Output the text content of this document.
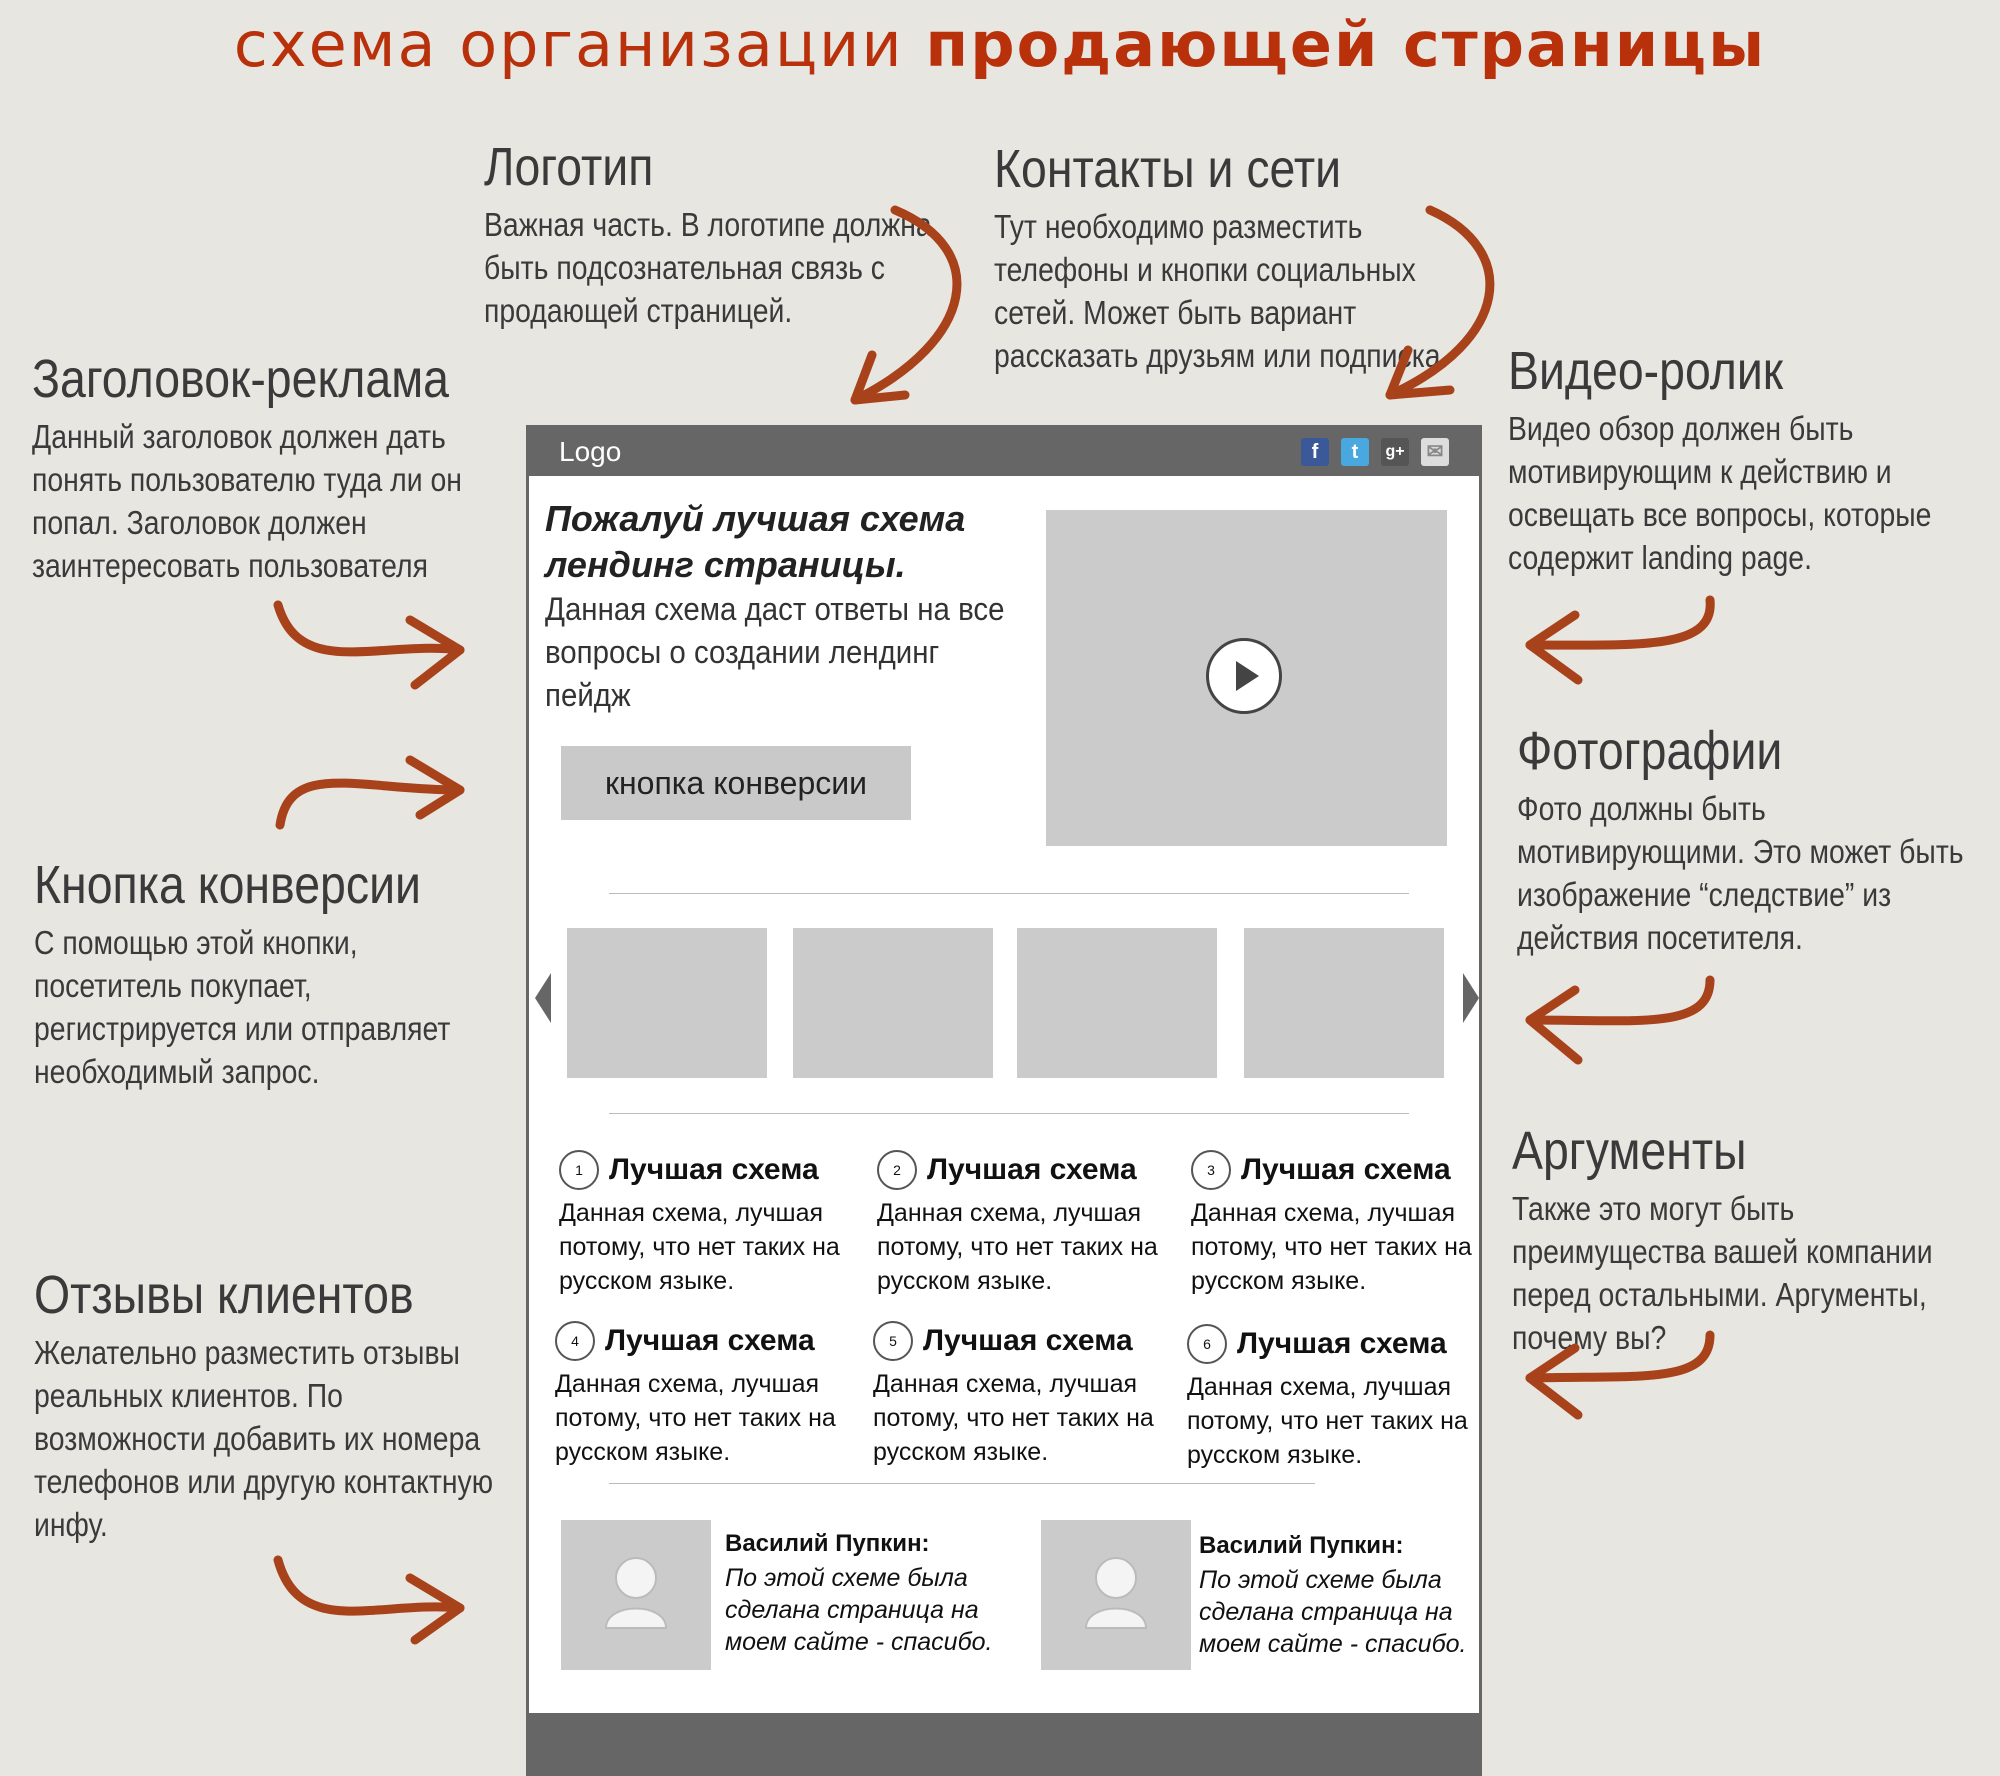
схема организации продающей страницы
Логотип

Важная часть. В логотипе должна быть подсознательная связь с продающей страницей.

Контакты и сети

Тут необходимо разместить телефоны и кнопки социальных сетей. Может быть вариант рассказать друзьям или подписка.

Заголовок-реклама

Данный заголовок должен дать понять пользователю туда ли он попал. Заголовок должен заинтересовать пользователя

Видео-ролик

Видео обзор должен быть мотивирующим к действию и освещать все вопросы, которые содержит landing page.

Фотографии

Фото должны быть мотивирующими. Это может быть изображение “следствие” из действия посетителя.

Кнопка конверсии

С помощью этой кнопки, посетитель покупает, регистрируется или отправляет необходимый запрос.

Аргументы

Также это могут быть преимущества вашей компании перед остальными. Аргументы, почему вы?

Отзывы клиентов

Желательно разместить отзывы реальных клиентов. По возможности добавить их номера телефонов или другую контактную инфу.

Logo	f	t	g+ ✉
Пожалуй лучшая схема лендинг страницы.
Данная схема даст ответы на все вопросы о создании лендинг пейдж
кнопка конверсии
1 Лучшая схема
Данная схема, лучшая потому, что нет таких на русском языке.
2 Лучшая схема
Данная схема, лучшая потому, что нет таких на русском языке.
3 Лучшая схема
Данная схема, лучшая потому, что нет таких на русском языке.
4 Лучшая схема
Данная схема, лучшая потому, что нет таких на русском языке.
5 Лучшая схема
Данная схема, лучшая потому, что нет таких на русском языке.
6 Лучшая схема
Данная схема, лучшая потому, что нет таких на русском языке.
Василий Пупкин:
По этой схеме была сделана страница на моем сайте - спасибо.
Василий Пупкин:
По этой схеме была сделана страница на моем сайте - спасибо.
